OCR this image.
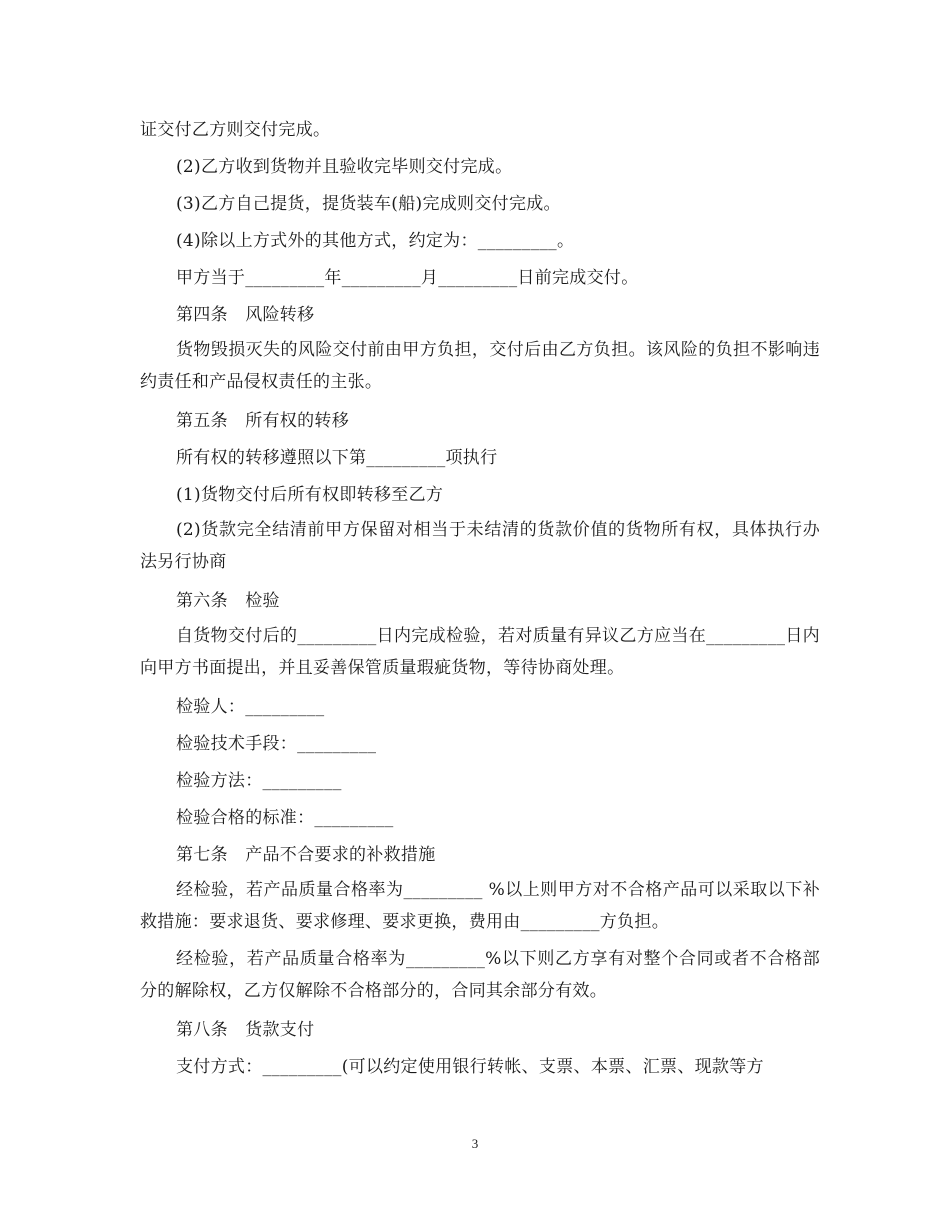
证交付乙方则交付完成。

(2)乙方收到货物并且验收完毕则交付完成。

(3)乙方自己提货，提货装车(船)完成则交付完成。

(4)除以上方式外的其他方式，约定为：_________。

甲方当于_________年_________月_________日前完成交付。

第四条　风险转移

货物毁损灭失的风险交付前由甲方负担，交付后由乙方负担。该风险的负担不影响违约责任和产品侵权责任的主张。

第五条　所有权的转移

所有权的转移遵照以下第_________项执行

(1)货物交付后所有权即转移至乙方

(2)货款完全结清前甲方保留对相当于未结清的货款价值的货物所有权，具体执行办法另行协商

第六条　检验

自货物交付后的_________日内完成检验，若对质量有异议乙方应当在_________日内向甲方书面提出，并且妥善保管质量瑕疵货物，等待协商处理。

检验人：_________

检验技术手段：_________

检验方法：_________

检验合格的标准：_________

第七条　产品不合要求的补救措施

经检验，若产品质量合格率为_________ %以上则甲方对不合格产品可以采取以下补救措施：要求退货、要求修理、要求更换，费用由_________方负担。

经检验，若产品质量合格率为_________%以下则乙方享有对整个合同或者不合格部分的解除权，乙方仅解除不合格部分的，合同其余部分有效。

第八条　货款支付

支付方式：_________(可以约定使用银行转帐、支票、本票、汇票、现款等方

3
